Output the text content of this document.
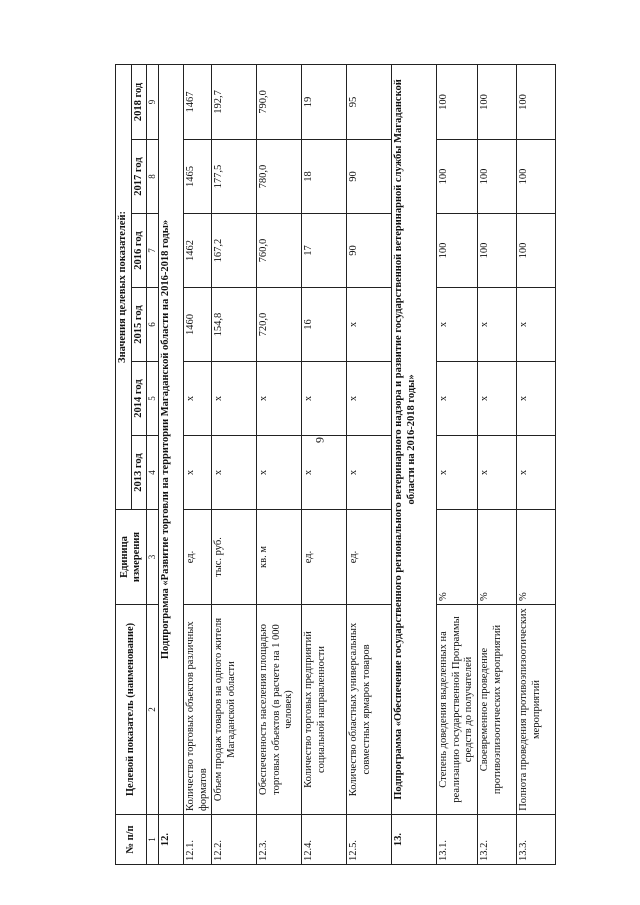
9
№ п/п	Целевой показатель (наименование)	Единица измерения	Значения целевых показателей:					
			2013 год	2014 год	2015 год	2016 год	2017 год	2018 год
1	2	3	4	5	6	7	8	9
12.	Подпрограмма «Развитие торговли на территории Магаданской области на 2016-2018 годы»							
12.1.	Количество торговых объектов различных форматов	ед.	х	х	1460	1462	1465	1467
12.2.	Объем продаж товаров на одного жителя Магаданской области	тыс. руб.	х	х	154,8	167,2	177,5	192,7
12.3.	Обеспеченность населения площадью торговых объектов (в расчете на 1 000 человек)	кв. м	х	х	720,0	760,0	780,0	790,0
12.4.	Количество торговых предприятий социальной направленности	ед.	х	х	16	17	18	19
12.5.	Количество областных универсальных совместных ярмарок товаров	ед.	х	х	х	90	90	95
13.	Подпрограмма «Обеспечение государственного регионального ветеринарного надзора и развитие государственной ветеринарной службы Магаданской области на 2016-2018 годы»							
13.1.	Степень доведения выделенных на реализацию государственной Программы средств до получателей	%	х	х	х	100	100	100
13.2.	Своевременное проведение противоэпизоотических мероприятий	%	х	х	х	100	100	100
13.3.	Полнота проведения противоэпизоотических мероприятий	%	х	х	х	100	100	100
